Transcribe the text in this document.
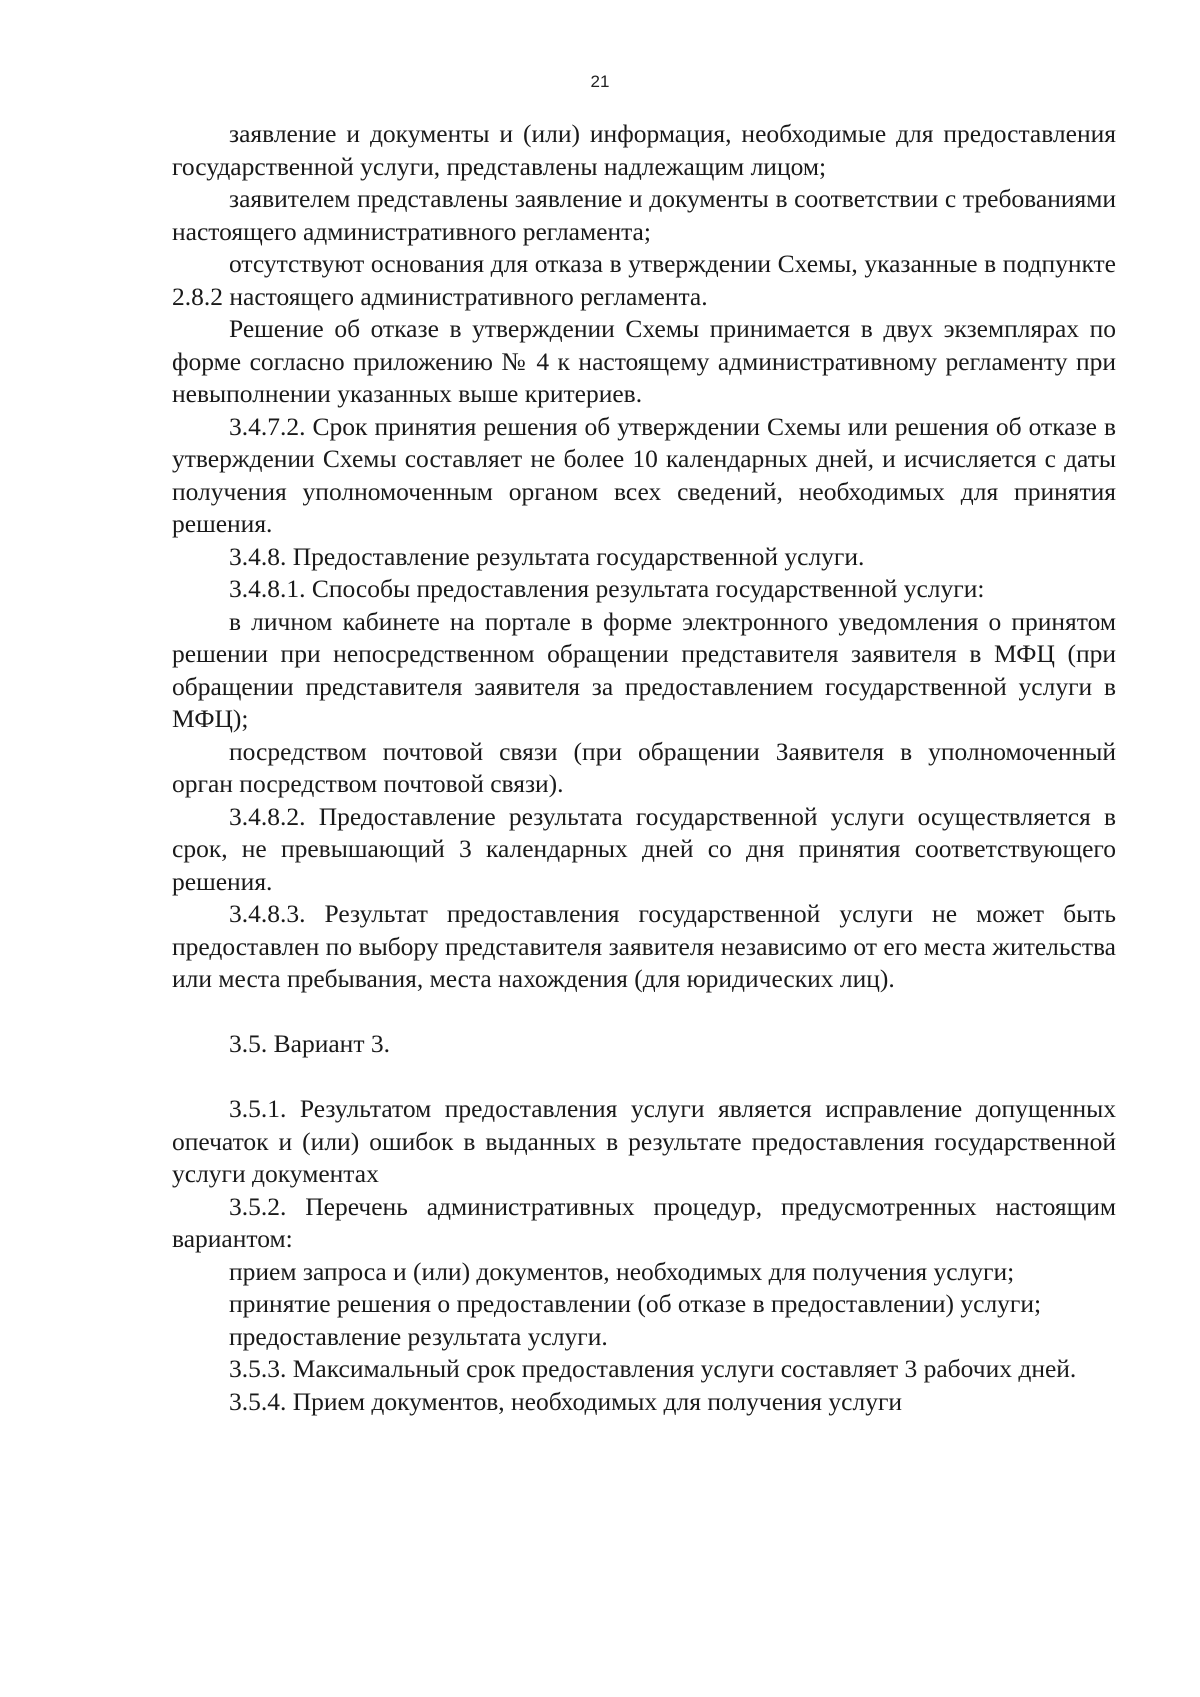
21

заявление и документы и (или) информация, необходимые для предоставления государственной услуги, представлены надлежащим лицом;

заявителем представлены заявление и документы в соответствии с требованиями настоящего административного регламента;

отсутствуют основания для отказа в утверждении Схемы, указанные в подпункте 2.8.2 настоящего административного регламента.

Решение об отказе в утверждении Схемы принимается в двух экземплярах по форме согласно приложению № 4 к настоящему административному регламенту при невыполнении указанных выше критериев.

3.4.7.2. Срок принятия решения об утверждении Схемы или решения об отказе в утверждении Схемы составляет не более 10 календарных дней, и исчисляется с даты получения уполномоченным органом всех сведений, необходимых для принятия решения.

3.4.8. Предоставление результата государственной услуги.

3.4.8.1. Способы предоставления результата государственной услуги:

в личном кабинете на портале в форме электронного уведомления о принятом решении при непосредственном обращении представителя заявителя в МФЦ (при обращении представителя заявителя за предоставлением государственной услуги в МФЦ);

посредством почтовой связи (при обращении Заявителя в уполномоченный орган посредством почтовой связи).

3.4.8.2. Предоставление результата государственной услуги осуществляется в срок, не превышающий 3 календарных дней со дня принятия соответствующего решения.

3.4.8.3. Результат предоставления государственной услуги не может быть предоставлен по выбору представителя заявителя независимо от его места жительства или места пребывания, места нахождения (для юридических лиц).

3.5. Вариант 3.

3.5.1. Результатом предоставления услуги является исправление допущенных опечаток и (или) ошибок в выданных в результате предоставления государственной услуги документах

3.5.2. Перечень административных процедур, предусмотренных настоящим вариантом:

прием запроса и (или) документов, необходимых для получения услуги;

принятие решения о предоставлении (об отказе в предоставлении) услуги;

предоставление результата услуги.

3.5.3. Максимальный срок предоставления услуги составляет 3 рабочих дней.

3.5.4. Прием документов, необходимых для получения услуги
